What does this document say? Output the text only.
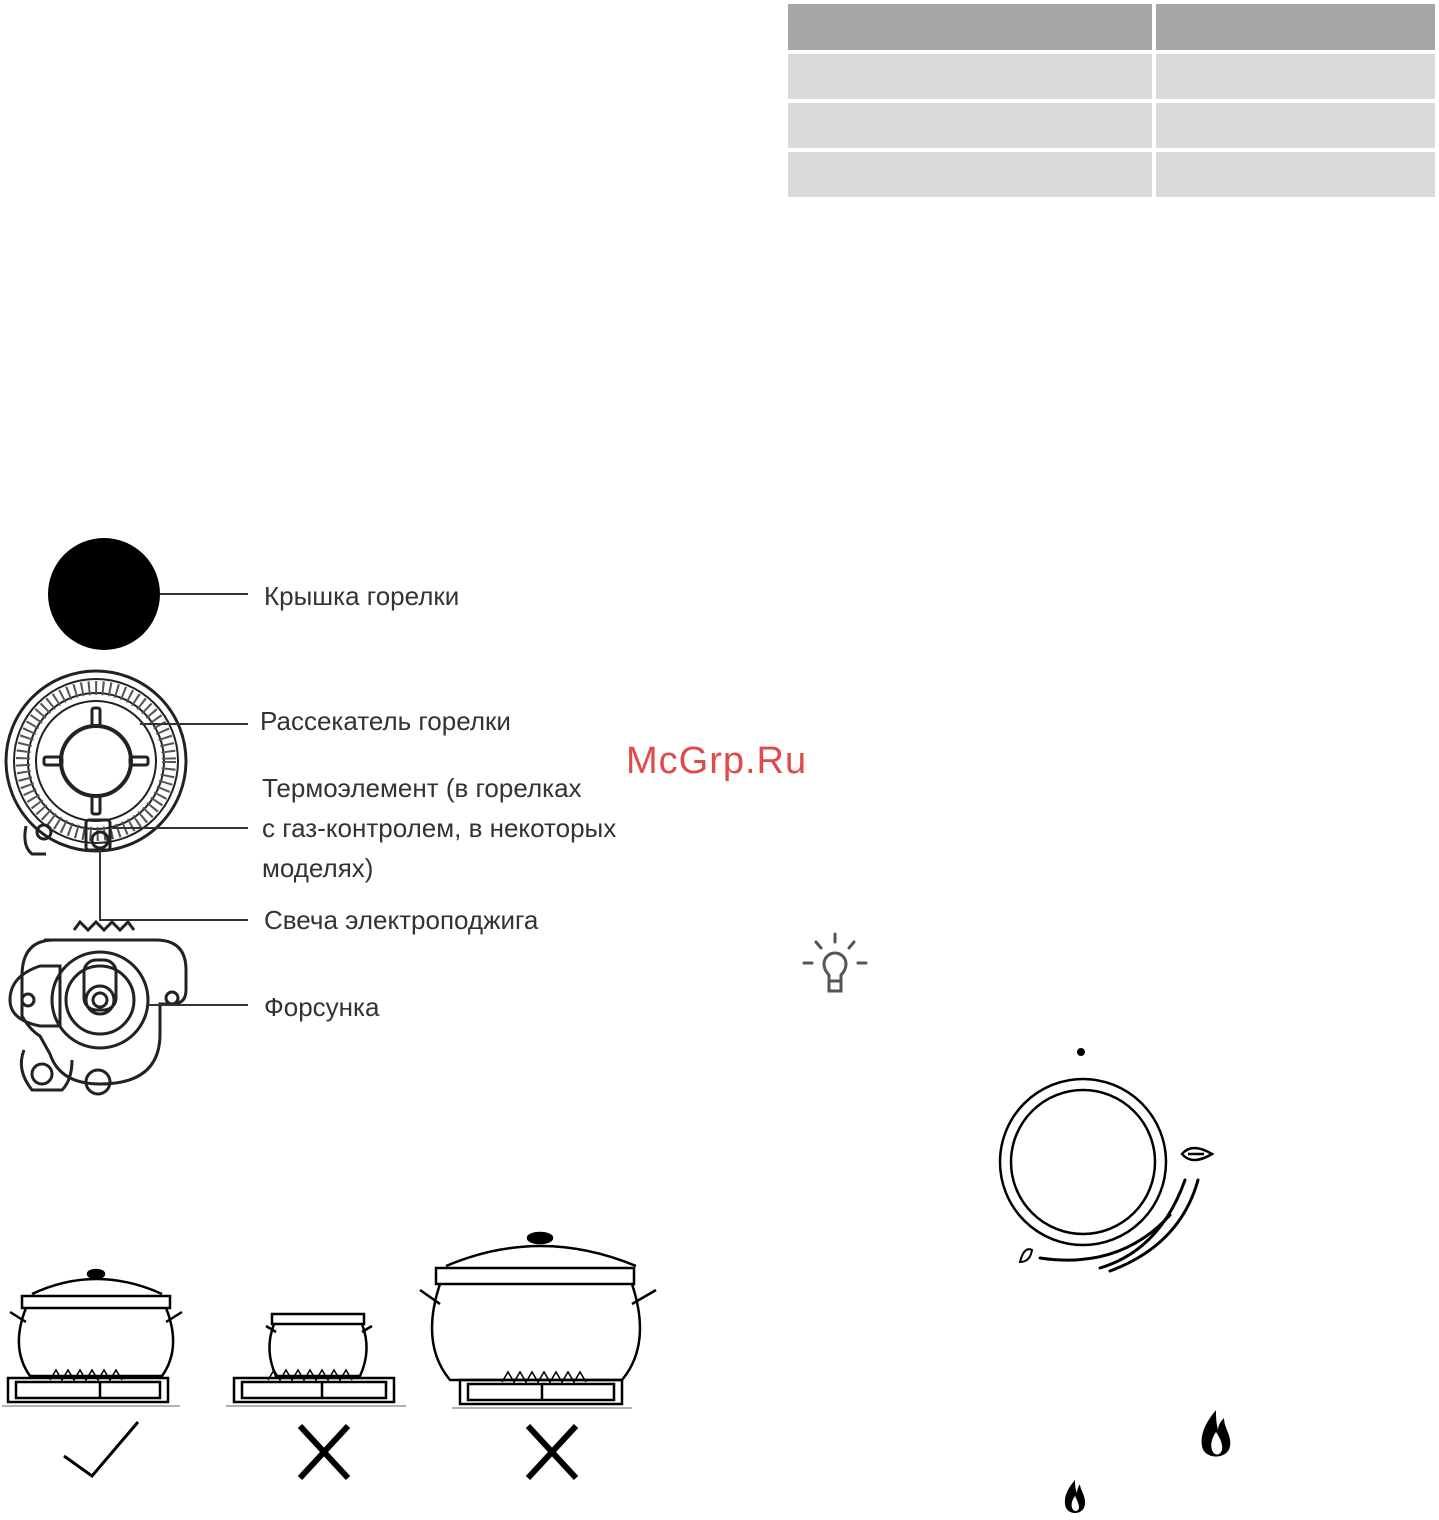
Крышка горелки
Рассекатель горелки
Термоэлемент (в горелках
с газ-контролем, в некоторых
моделях)
Свеча электроподжига
Форсунка
McGrp.Ru
